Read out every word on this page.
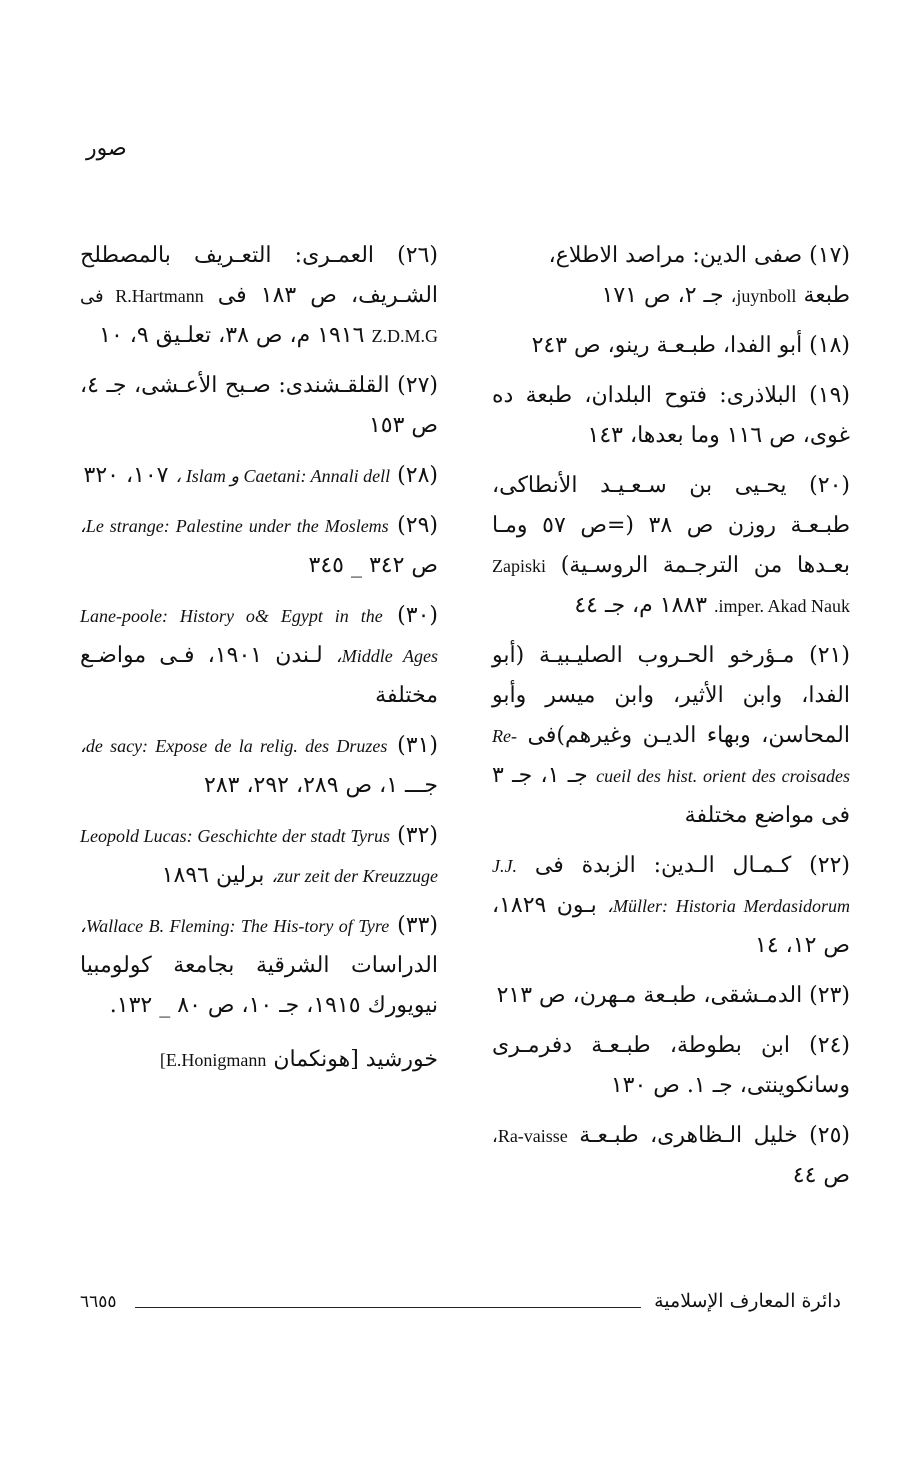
صور

(١٧) صفى الدين: مراصد الاطلاع،

طبعة juynboll، جـ ٢، ص ١٧١

(١٨) أبو الفدا، طبـعـة رينو، ص ٢٤٣
(١٩) البلاذرى: فتوح البلدان، طبعة ده غوى، ص ١١٦ وما بعدها، ١٤٣
(٢٠) يحـيى بن سـعـيـد الأنطاكى، طبـعـة روزن ص ٣٨ (=ص ٥٧ ومـا بعـدها من الترجـمة الروسـية) Zapiski imper. Akad Nauk. ١٨٨٣ م، جـ ٤٤
(٢١) مـؤرخو الحـروب الصليـبيـة (أبو الفدا، وابن الأثير، وابن ميسر وأبو المحاسن، وبهاء الديـن وغيرهم)فى Re-cueil des hist. orient des croisades جـ ١، جـ ٣ فى مواضع مختلفة
(٢٢) كـمـال الـدين: الزبدة فى J.J. Müller: Historia Merdasidorum، بـون ١٨٢٩، ص ١٢، ١٤
(٢٣) الدمـشقى، طبـعة مـهرن، ص ٢١٣
(٢٤) ابن بطوطة، طبـعـة دفرمـرى وسانكوينتى، جـ ١. ص ١٣٠
(٢٥) خليل الـظاهرى، طبـعـة Ra-vaisse، ص ٤٤
(٢٦) العمـرى: التعـريف بالمصطلح الشـريف، ص ١٨٣ فى R.Hartmann فى Z.D.M.G ١٩١٦ م، ص ٣٨، تعلـيق ٩، ١٠
(٢٧) القلقـشندى: صـبح الأعـشى، جـ ٤، ص ١٥٣
(٢٨) Caetani: Annali dell و Islam ، ١٠٧، ٣٢٠
(٢٩) Le strange: Palestine under the Moslems، ص ٣٤٢ _ ٣٤٥
(٣٠) Lane-poole: History o& Egypt in the Middle Ages، لـندن ١٩٠١، فـى مواضـع مختلفة
(٣١) de sacy: Expose de la relig. des Druzes، جـــ ١، ص ٢٨٩، ٢٩٢، ٢٨٣
(٣٢) Leopold Lucas: Geschichte der stadt Tyrus zur zeit der Kreuzzuge، برلين ١٨٩٦
(٣٣) Wallace B. Fleming: The His-tory of Tyre، الدراسات الشرقية بجامعة كولومبيا نيويورك ١٩١٥، جـ ١٠، ص ٨٠ _ ١٣٢.
خورشيد [هونكمان E.Honigmann]
دائرة المعارف الإسلامية
٦٦٥٥
